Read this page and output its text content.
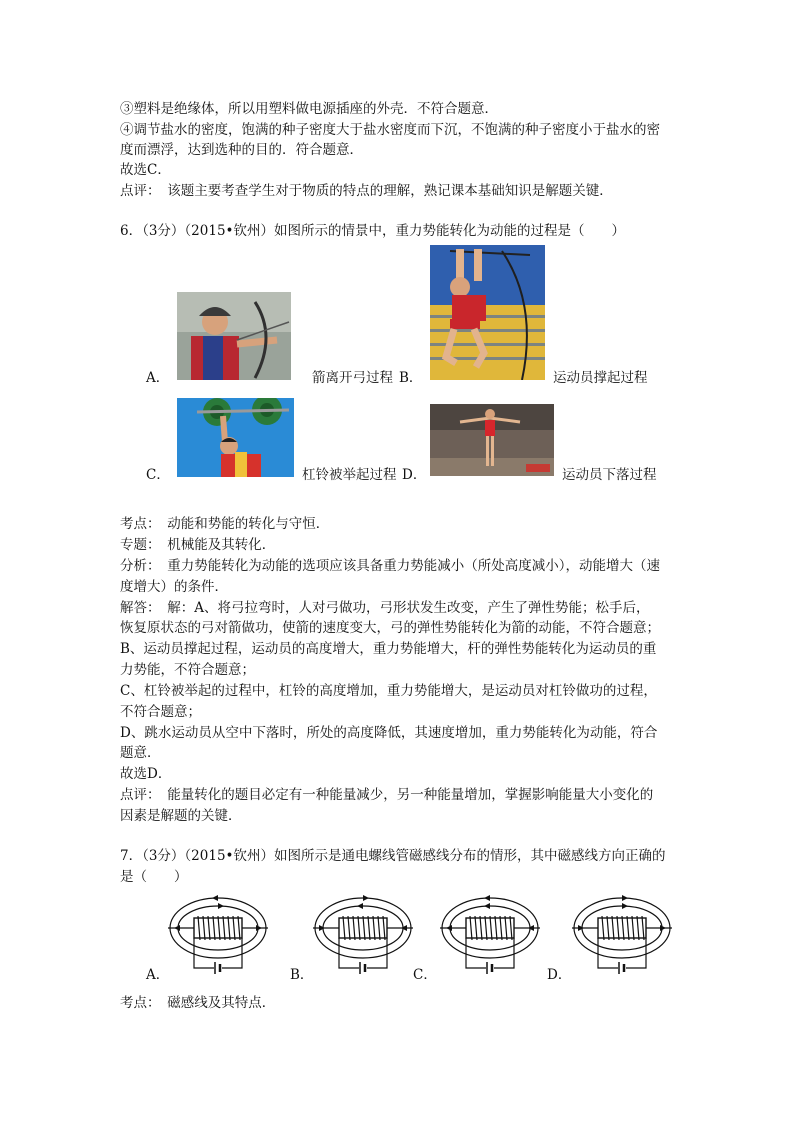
③塑料是绝缘体，所以用塑料做电源插座的外壳．不符合题意．
④调节盐水的密度，饱满的种子密度大于盐水密度而下沉，不饱满的种子密度小于盐水的密
度而漂浮，达到选种的目的．符合题意．
故选C．
点评：　该题主要考查学生对于物质的特点的理解，熟记课本基础知识是解题关键．
6．（3分）（2015•钦州）如图所示的情景中，重力势能转化为动能的过程是（　　）
A．	箭离开弓过程 B．	运动员撑起过程
C．	杠铃被举起过程 D．	运动员下落过程
考点：　动能和势能的转化与守恒．
专题：　机械能及其转化．
分析：　重力势能转化为动能的选项应该具备重力势能减小（所处高度减小），动能增大（速
度增大）的条件．
解答：　解：A、将弓拉弯时，人对弓做功，弓形状发生改变，产生了弹性势能；松手后，
恢复原状态的弓对箭做功，使箭的速度变大，弓的弹性势能转化为箭的动能，不符合题意；
B、运动员撑起过程，运动员的高度增大，重力势能增大，杆的弹性势能转化为运动员的重
力势能，不符合题意；
C、杠铃被举起的过程中，杠铃的高度增加，重力势能增大，是运动员对杠铃做功的过程，
不符合题意；
D、跳水运动员从空中下落时，所处的高度降低，其速度增加，重力势能转化为动能，符合
题意．
故选D．
点评：　能量转化的题目必定有一种能量减少，另一种能量增加，掌握影响能量大小变化的
因素是解题的关键．
7．（3分）（2015•钦州）如图所示是通电螺线管磁感线分布的情形，其中磁感线方向正确的
是（　　）
A．	B．	C．	D．
考点：　磁感线及其特点．
